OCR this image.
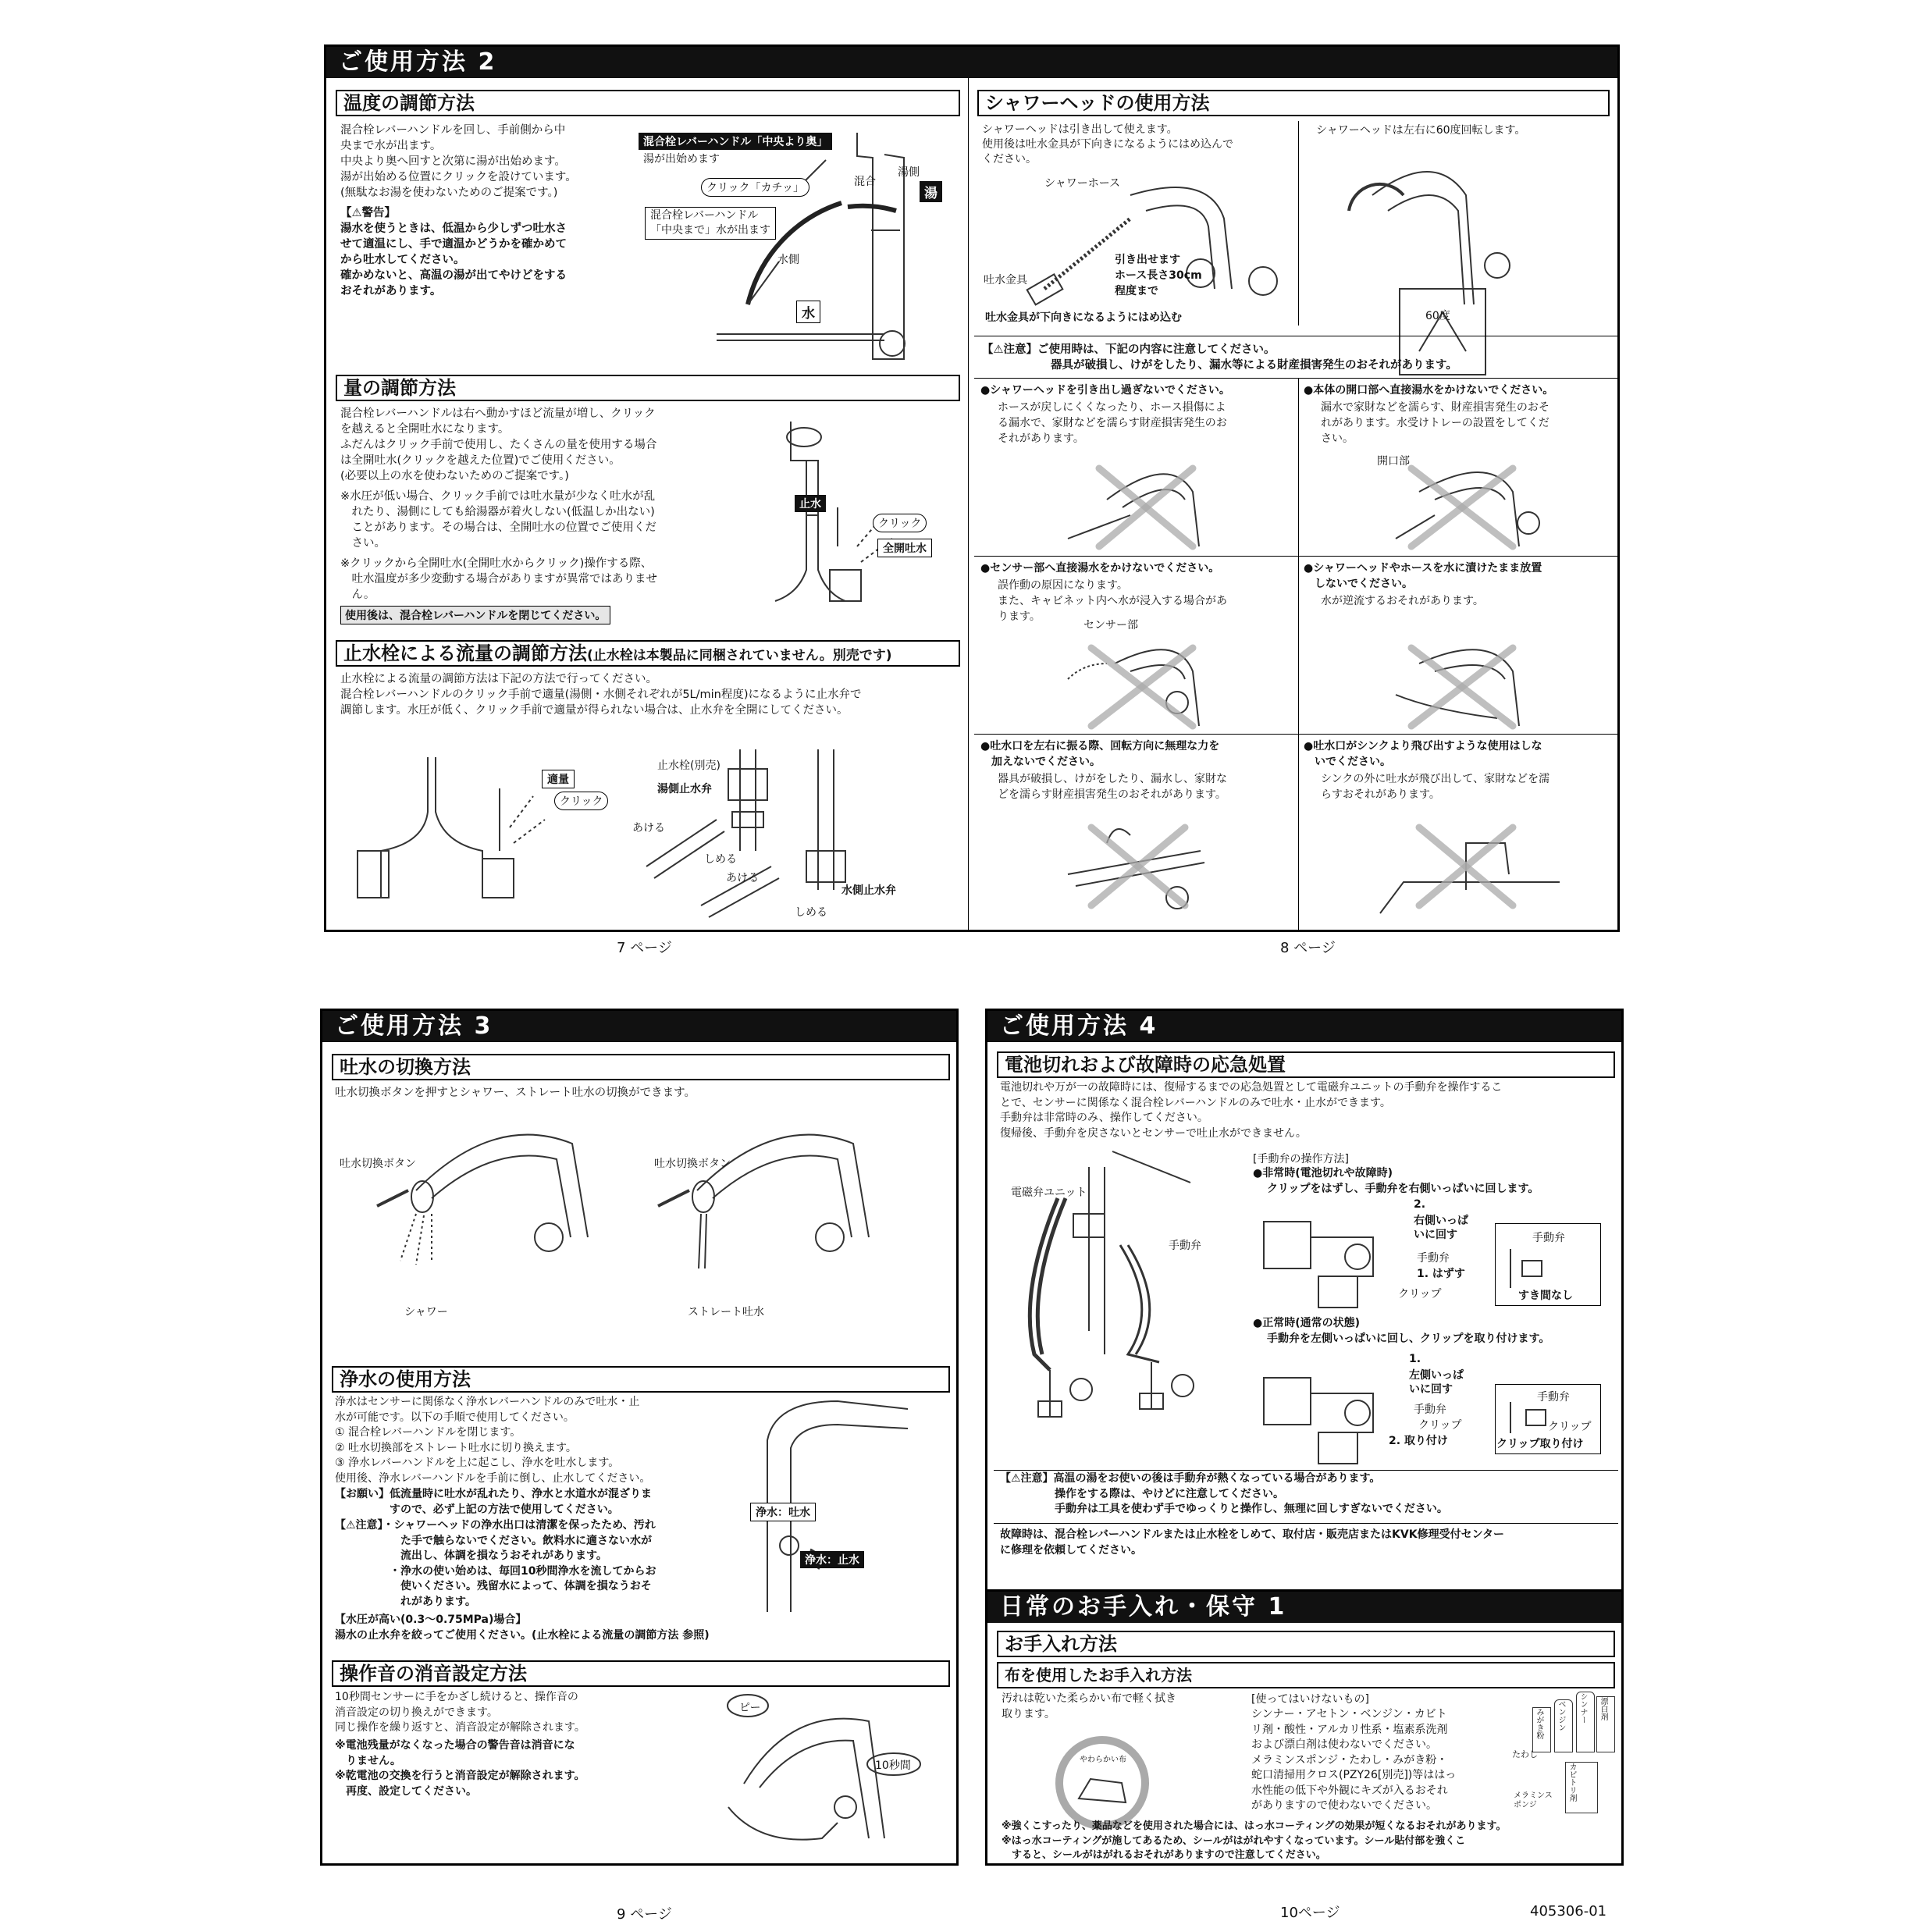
ご使用方法 2
温度の調節方法
混合栓レバーハンドルを回し、手前側から中
央まで水が出ます。
中央より奥へ回すと次第に湯が出始めます。
湯が出始める位置にクリックを設けています。
(無駄なお湯を使わないためのご提案です。)
【⚠警告】
湯水を使うときは、低温から少しずつ吐水さ
せて適温にし、手で適温かどうかを確かめて
から吐水してください。
確かめないと、高温の湯が出てやけどをする
おそれがあります。
混合栓レバーハンドル「中央より奥」
湯が出始めます
クリック「カチッ」
混合栓レバーハンドル
「中央まで」水が出ます
湯側
混合
湯
水側
水
量の調節方法
混合栓レバーハンドルは右へ動かすほど流量が増し、クリック
を越えると全開吐水になります。
ふだんはクリック手前で使用し、たくさんの量を使用する場合
は全開吐水(クリックを越えた位置)でご使用ください。
(必要以上の水を使わないためのご提案です。)
※水圧が低い場合、クリック手前では吐水量が少なく吐水が乱
　れたり、湯側にしても給湯器が着火しない(低温しか出ない)
　ことがあります。その場合は、全開吐水の位置でご使用くだ
　さい。
※クリックから全開吐水(全開吐水からクリック)操作する際、
　吐水温度が多少変動する場合がありますが異常ではありませ
　ん。
使用後は、混合栓レバーハンドルを閉じてください。
止水
クリック
全開吐水
止水栓による流量の調節方法(止水栓は本製品に同梱されていません。別売です)
止水栓による流量の調節方法は下記の方法で行ってください。
混合栓レバーハンドルのクリック手前で適量(湯側・水側それぞれが5L/min程度)になるように止水弁で
調節します。水圧が低く、クリック手前で適量が得られない場合は、止水弁を全開にしてください。
適量
クリック
止水栓(別売)
湯側止水弁
あける
しめる
あける
しめる
水側止水弁
シャワーヘッドの使用方法
シャワーヘッドは引き出して使えます。
使用後は吐水金具が下向きになるようにはめ込んで
ください。
シャワーホース
吐水金具
引き出せます
ホース長さ30cm
程度まで
吐水金具が下向きになるようにはめ込む
シャワーヘッドは左右に60度回転します。
60度
【⚠注意】ご使用時は、下記の内容に注意してください。
器具が破損し、けがをしたり、漏水等による財産損害発生のおそれがあります。
●シャワーヘッドを引き出し過ぎないでください。
ホースが戻しにくくなったり、ホース損傷によ
る漏水で、家財などを濡らす財産損害発生のお
それがあります。
●本体の開口部へ直接湯水をかけないでください。
漏水で家財などを濡らす、財産損害発生のおそ
れがあります。水受けトレーの設置をしてくだ
さい。
開口部
●センサー部へ直接湯水をかけないでください。
誤作動の原因になります。
また、キャビネット内へ水が浸入する場合があ
ります。
センサー部
●シャワーヘッドやホースを水に漬けたまま放置
　しないでください。
水が逆流するおそれがあります。
●吐水口を左右に振る際、回転方向に無理な力を
　加えないでください。
器具が破損し、けがをしたり、漏水し、家財な
どを濡らす財産損害発生のおそれがあります。
●吐水口がシンクより飛び出すような使用はしな
　いでください。
シンクの外に吐水が飛び出して、家財などを濡
らすおそれがあります。
7 ページ	8 ページ
ご使用方法 3
吐水の切換方法
吐水切換ボタンを押すとシャワー、ストレート吐水の切換ができます。
吐水切換ボタン	吐水切換ボタン
シャワー	ストレート吐水
浄水の使用方法
浄水はセンサーに関係なく浄水レバーハンドルのみで吐水・止
水が可能です。以下の手順で使用してください。
① 混合栓レバーハンドルを閉じます。
② 吐水切換部をストレート吐水に切り換えます。
③ 浄水レバーハンドルを上に起こし、浄水を吐水します。
使用後、浄水レバーハンドルを手前に倒し、止水してください。
【お願い】低流量時に吐水が乱れたり、浄水と水道水が混ざりま
　　　　　すので、必ず上記の方法で使用してください。
【⚠注意】・シャワーヘッドの浄水出口は清潔を保ったため、汚れ
　　　　　　た手で触らないでください。飲料水に適さない水が
　　　　　　流出し、体調を損なうおそれがあります。
　　　　　・浄水の使い始めは、毎回10秒間浄水を流してからお
　　　　　　使いください。残留水によって、体調を損なうおそ
　　　　　　れがあります。
【水圧が高い(0.3～0.75MPa)場合】
湯水の止水弁を絞ってご使用ください。(止水栓による流量の調節方法 参照)
浄水：吐水
浄水：止水
操作音の消音設定方法
10秒間センサーに手をかざし続けると、操作音の
消音設定の切り換えができます。
同じ操作を繰り返すと、消音設定が解除されます。
※電池残量がなくなった場合の警告音は消音にな
　りません。
※乾電池の交換を行うと消音設定が解除されます。
　再度、設定してください。
ピー
10秒間
9 ページ
ご使用方法 4
電池切れおよび故障時の応急処置
電池切れや万が一の故障時には、復帰するまでの応急処置として電磁弁ユニットの手動弁を操作するこ
とで、センサーに関係なく混合栓レバーハンドルのみで吐水・止水ができます。
手動弁は非常時のみ、操作してください。
復帰後、手動弁を戻さないとセンサーで吐止水ができません。
電磁弁ユニット
手動弁
[手動弁の操作方法]
●非常時(電池切れや故障時)
クリップをはずし、手動弁を右側いっぱいに回します。
2.
右側いっぱ
いに回す
手動弁
1. はずす
クリップ
手動弁
すき間なし
●正常時(通常の状態)
手動弁を左側いっぱいに回し、クリップを取り付けます。
1.
左側いっぱ
いに回す
手動弁
クリップ
2. 取り付け
手動弁
クリップ
クリップ取り付け
【⚠注意】高温の湯をお使いの後は手動弁が熱くなっている場合があります。
　　　　　操作をする際は、やけどに注意してください。
　　　　　手動弁は工具を使わず手でゆっくりと操作し、無理に回しすぎないでください。
故障時は、混合栓レバーハンドルまたは止水栓をしめて、取付店・販売店またはKVK修理受付センター
に修理を依頼してください。
日常のお手入れ・保守 1
お手入れ方法
布を使用したお手入れ方法
汚れは乾いた柔らかい布で軽く拭き
取ります。
やわらかい布
[使ってはいけないもの]
シンナー・アセトン・ベンジン・カビト
リ剤・酸性・アルカリ性系・塩素系洗剤
および漂白剤は使わないでください。
メラミンスポンジ・たわし・みがき粉・
蛇口清掃用クロス(PZY26[別売])等ははっ
水性能の低下や外観にキズが入るおそれ
がありますので使わないでください。
たわし
みがき粉 ベンジン シンナー 漂白剤
カビトリ剤
メラミンスポンジ
※強くこすったり、薬品などを使用された場合には、はっ水コーティングの効果が短くなるおそれがあります。
※はっ水コーティングが施してあるため、シールがはがれやすくなっています。シール貼付部を強くこ
　すると、シールがはがれるおそれがありますので注意してください。
10ページ	405306-01
